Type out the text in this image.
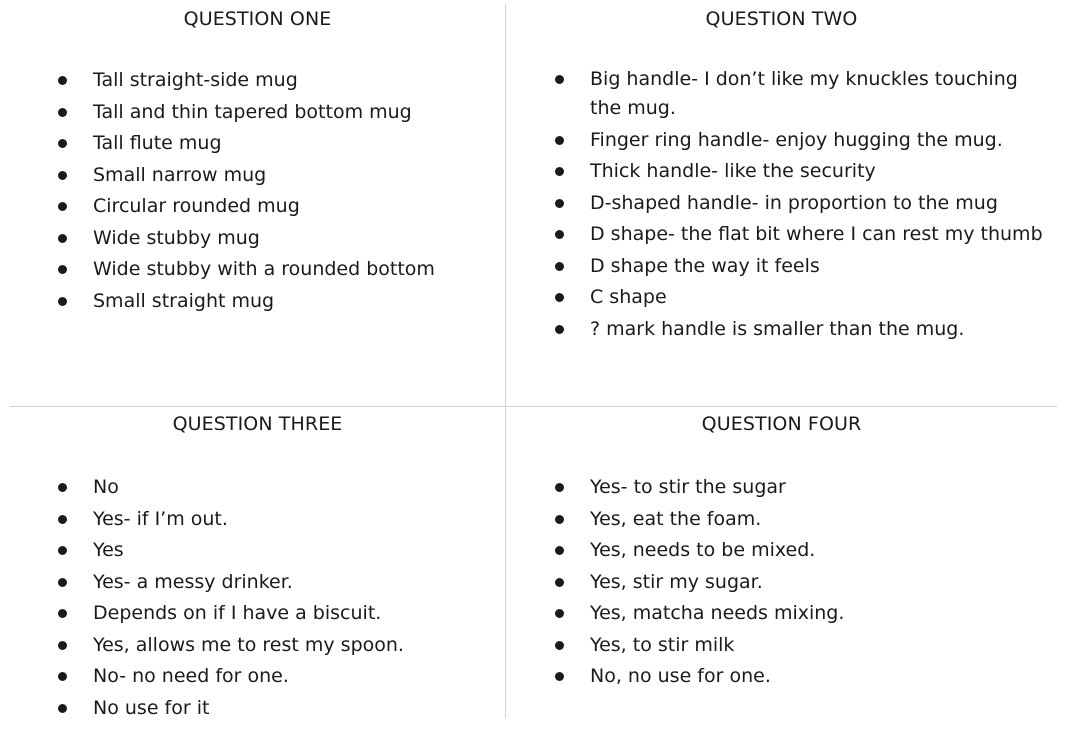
QUESTION ONE
Tall straight-side mug
Tall and thin tapered bottom mug
Tall flute mug
Small narrow mug
Circular rounded mug
Wide stubby mug
Wide stubby with a rounded bottom
Small straight mug
QUESTION TWO
Big handle- I don’t like my knuckles touching the mug.
Finger ring handle- enjoy hugging the mug.
Thick handle- like the security
D-shaped handle- in proportion to the mug
D shape- the flat bit where I can rest my thumb
D shape the way it feels
C shape
? mark handle is smaller than the mug.
QUESTION THREE
No
Yes- if I’m out.
Yes
Yes- a messy drinker.
Depends on if I have a biscuit.
Yes, allows me to rest my spoon.
No- no need for one.
No use for it
QUESTION FOUR
Yes- to stir the sugar
Yes, eat the foam.
Yes, needs to be mixed.
Yes, stir my sugar.
Yes, matcha needs mixing.
Yes, to stir milk
No, no use for one.
